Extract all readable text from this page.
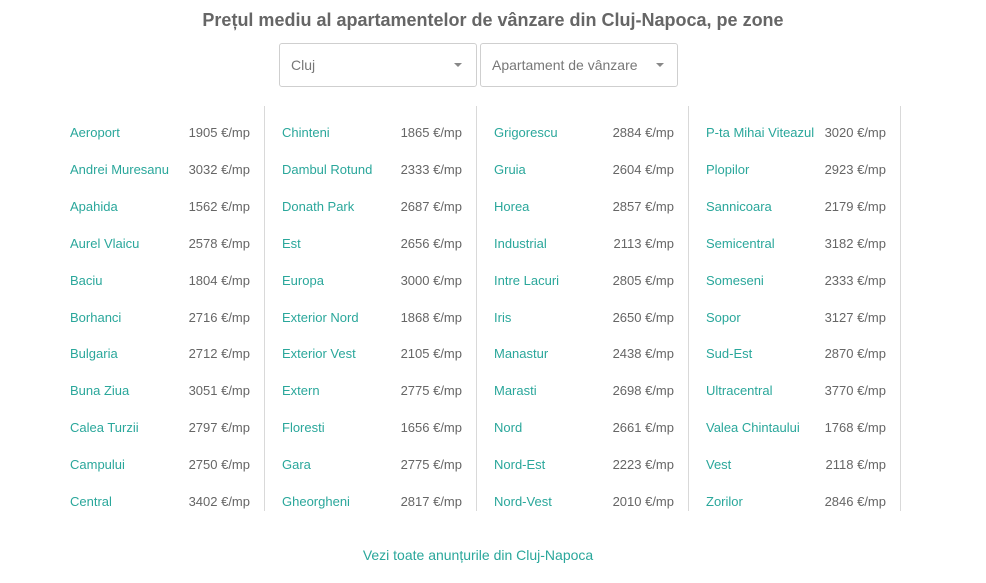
Prețul mediu al apartamentelor de vânzare din Cluj-Napoca, pe zone
Cluj	Apartament de vânzare
Aeroport	1905 €/mp
Andrei Muresanu 3032 €/mp
Apahida	1562 €/mp
Aurel Vlaicu	2578 €/mp
Baciu	1804 €/mp
Borhanci	2716 €/mp
Bulgaria	2712 €/mp
Buna Ziua	3051 €/mp
Calea Turzii	2797 €/mp
Campului	2750 €/mp
Central	3402 €/mp
Chinteni	1865 €/mp
Dambul Rotund 2333 €/mp
Donath Park	2687 €/mp
Est	2656 €/mp
Europa	3000 €/mp
Exterior Nord	1868 €/mp
Exterior Vest	2105 €/mp
Extern	2775 €/mp
Floresti	1656 €/mp
Gara	2775 €/mp
Gheorgheni	2817 €/mp
Grigorescu	2884 €/mp
Gruia	2604 €/mp
Horea	2857 €/mp
Industrial	2113 €/mp
Intre Lacuri	2805 €/mp
Iris	2650 €/mp
Manastur	2438 €/mp
Marasti	2698 €/mp
Nord	2661 €/mp
Nord-Est	2223 €/mp
Nord-Vest	2010 €/mp
P-ta Mihai Viteazul 3020 €/mp
Plopilor	2923 €/mp
Sannicoara	2179 €/mp
Semicentral	3182 €/mp
Someseni	2333 €/mp
Sopor	3127 €/mp
Sud-Est	2870 €/mp
Ultracentral	3770 €/mp
Valea Chintaului 1768 €/mp
Vest	2118 €/mp
Zorilor	2846 €/mp
Vezi toate anunțurile din Cluj-Napoca
